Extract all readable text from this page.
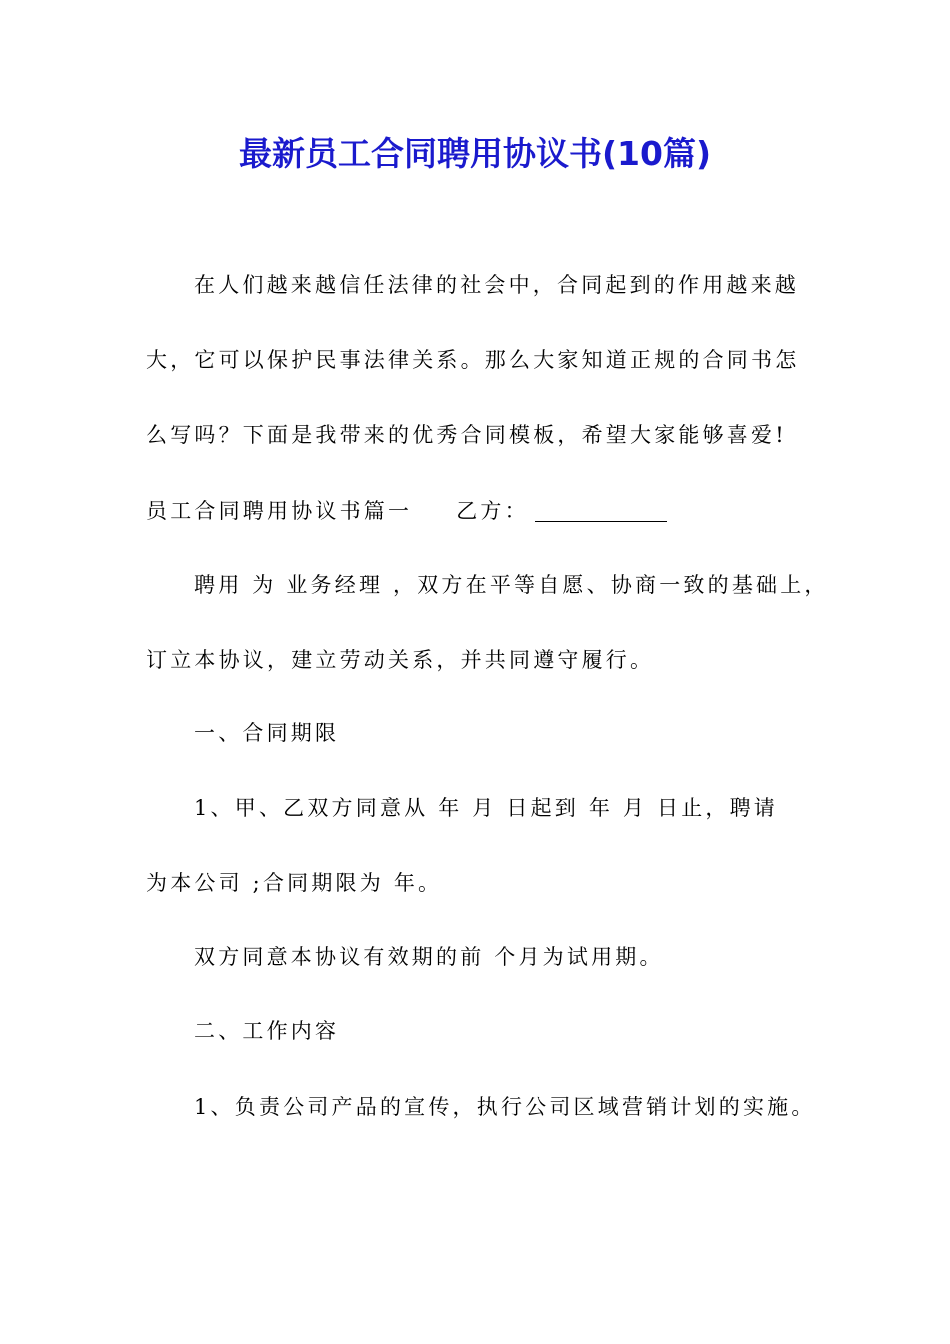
最新员工合同聘用协议书(10篇)
在人们越来越信任法律的社会中，合同起到的作用越来越
大，它可以保护民事法律关系。那么大家知道正规的合同书怎
么写吗？下面是我带来的优秀合同模板，希望大家能够喜爱!
员工合同聘用协议书篇一 乙方：
聘用 为 业务经理 ，双方在平等自愿、协商一致的基础上，
订立本协议，建立劳动关系，并共同遵守履行。
一、合同期限
1、甲、乙双方同意从 年 月 日起到 年 月 日止，聘请
为本公司 ;合同期限为 年。
双方同意本协议有效期的前 个月为试用期。
二、工作内容
1、负责公司产品的宣传，执行公司区域营销计划的实施。
